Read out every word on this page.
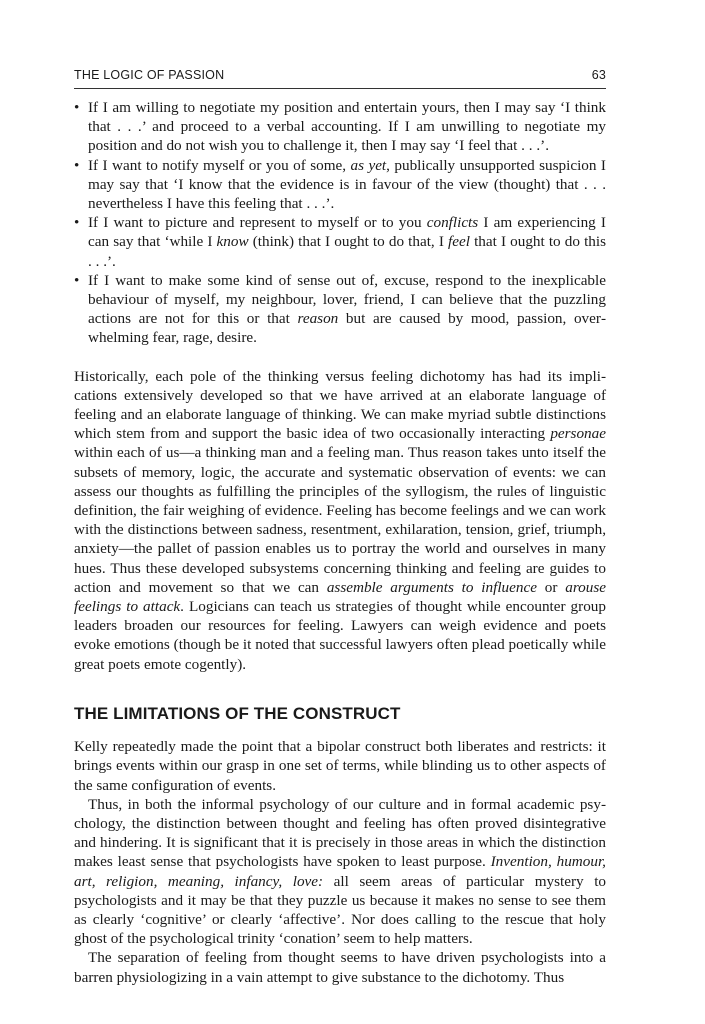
THE LOGIC OF PASSION	63
• If I am willing to negotiate my position and entertain yours, then I may say ‘I think that . . .’ and proceed to a verbal accounting. If I am unwilling to negotiate my position and do not wish you to challenge it, then I may say ‘I feel that . . .’.
• If I want to notify myself or you of some, as yet, publically unsupported suspicion I may say that ‘I know that the evidence is in favour of the view (thought) that . . . nevertheless I have this feeling that . . .’.
• If I want to picture and represent to myself or to you conflicts I am experiencing I can say that ‘while I know (think) that I ought to do that, I feel that I ought to do this . . .’.
• If I want to make some kind of sense out of, excuse, respond to the inexplicable behaviour of myself, my neighbour, lover, friend, I can believe that the puzzling actions are not for this or that reason but are caused by mood, passion, overwhelming fear, rage, desire.

Historically, each pole of the thinking versus feeling dichotomy has had its implications extensively developed so that we have arrived at an elaborate language of feeling and an elaborate language of thinking. We can make myriad subtle distinctions which stem from and support the basic idea of two occasionally interacting personae within each of us—a thinking man and a feeling man. Thus reason takes unto itself the subsets of memory, logic, the accurate and systematic observation of events: we can assess our thoughts as fulfilling the principles of the syllogism, the rules of linguistic definition, the fair weighing of evidence. Feeling has become feelings and we can work with the distinctions between sadness, resentment, exhilaration, tension, grief, triumph, anxiety—the pallet of passion enables us to portray the world and ourselves in many hues. Thus these developed subsystems concerning thinking and feeling are guides to action and movement so that we can assemble arguments to influence or arouse feelings to attack. Logicians can teach us strategies of thought while encounter group leaders broaden our resources for feeling. Lawyers can weigh evidence and poets evoke emotions (though be it noted that successful lawyers often plead poetically while great poets emote cogently).

THE LIMITATIONS OF THE CONSTRUCT

Kelly repeatedly made the point that a bipolar construct both liberates and restricts: it brings events within our grasp in one set of terms, while blinding us to other aspects of the same configuration of events.

Thus, in both the informal psychology of our culture and in formal academic psychology, the distinction between thought and feeling has often proved disintegrative and hindering. It is significant that it is precisely in those areas in which the distinction makes least sense that psychologists have spoken to least purpose. Invention, humour, art, religion, meaning, infancy, love: all seem areas of particular mystery to psychologists and it may be that they puzzle us because it makes no sense to see them as clearly ‘cognitive’ or clearly ‘affective’. Nor does calling to the rescue that holy ghost of the psychological trinity ‘conation’ seem to help matters.

The separation of feeling from thought seems to have driven psychologists into a barren physiologizing in a vain attempt to give substance to the dichotomy. Thus
